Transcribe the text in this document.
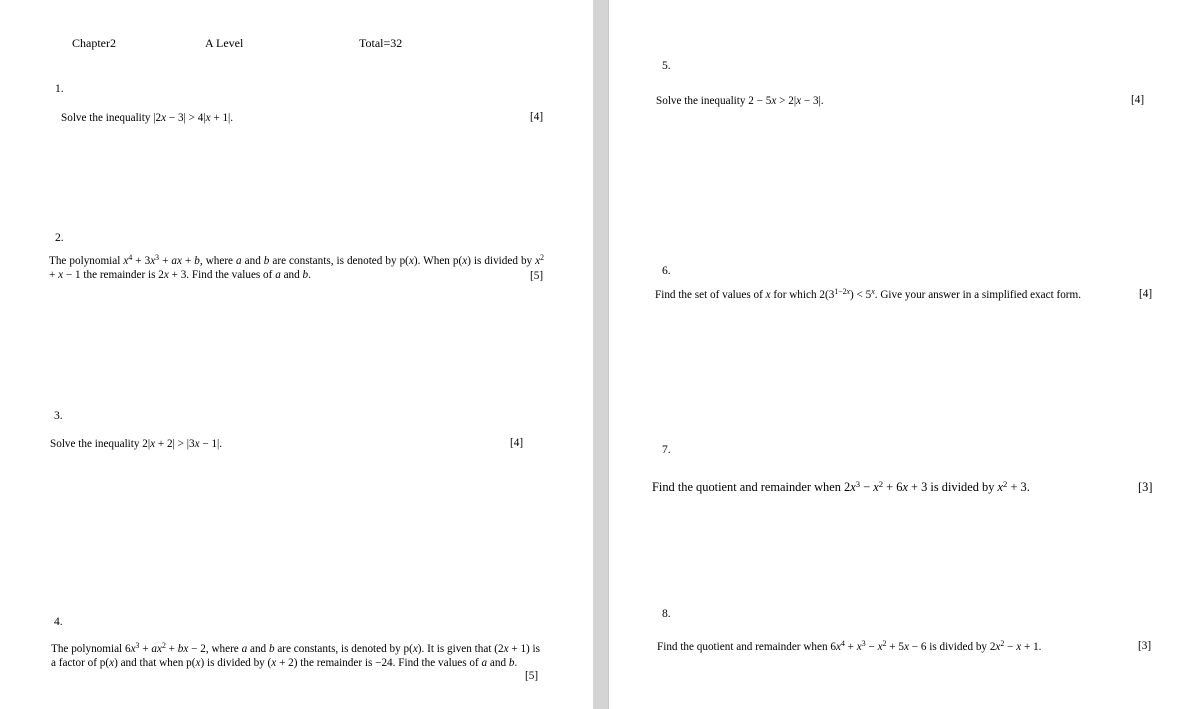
Chapter2	A Level	Total=32
1.
Solve the inequality |2x − 3| > 4|x + 1|.	[4]
2.
The polynomial $x^4 + 3x^3$ + ax + b, where a and b are constants, is denoted by p(x). When p(x) is divided by $x^2 + x - 1$ the remainder is 2x + 3. Find the values of a and b.	[5]
3.
Solve the inequality 2|x + 2| > |3x − 1|.	[4]
4.
The polynomial $6x^3 + ax^2$ + bx − 2, where a and b are constants, is denoted by p(x). It is given that (2x + 1) is a factor of p(x) and that when p(x) is divided by (x + 2) the remainder is −24. Find the values of a and b.
[5]
5.
Solve the inequality 2 − 5x > 2|x − 3|.	[4]
6.
Find the set of values of x for which $2(3^{1-2x}) < 5^x$. Give your answer in a simplified exact form.	[4]
7.
Find the quotient and remainder when $2x^3 - x^2 + 6x + 3$ is divided by $x^2 + 3$.	[3]
8.
Find the quotient and remainder when $6x^4 + x^3 - x^2 + 5x - 6$ is divided by $2x^2 - x + 1$.	[3]
